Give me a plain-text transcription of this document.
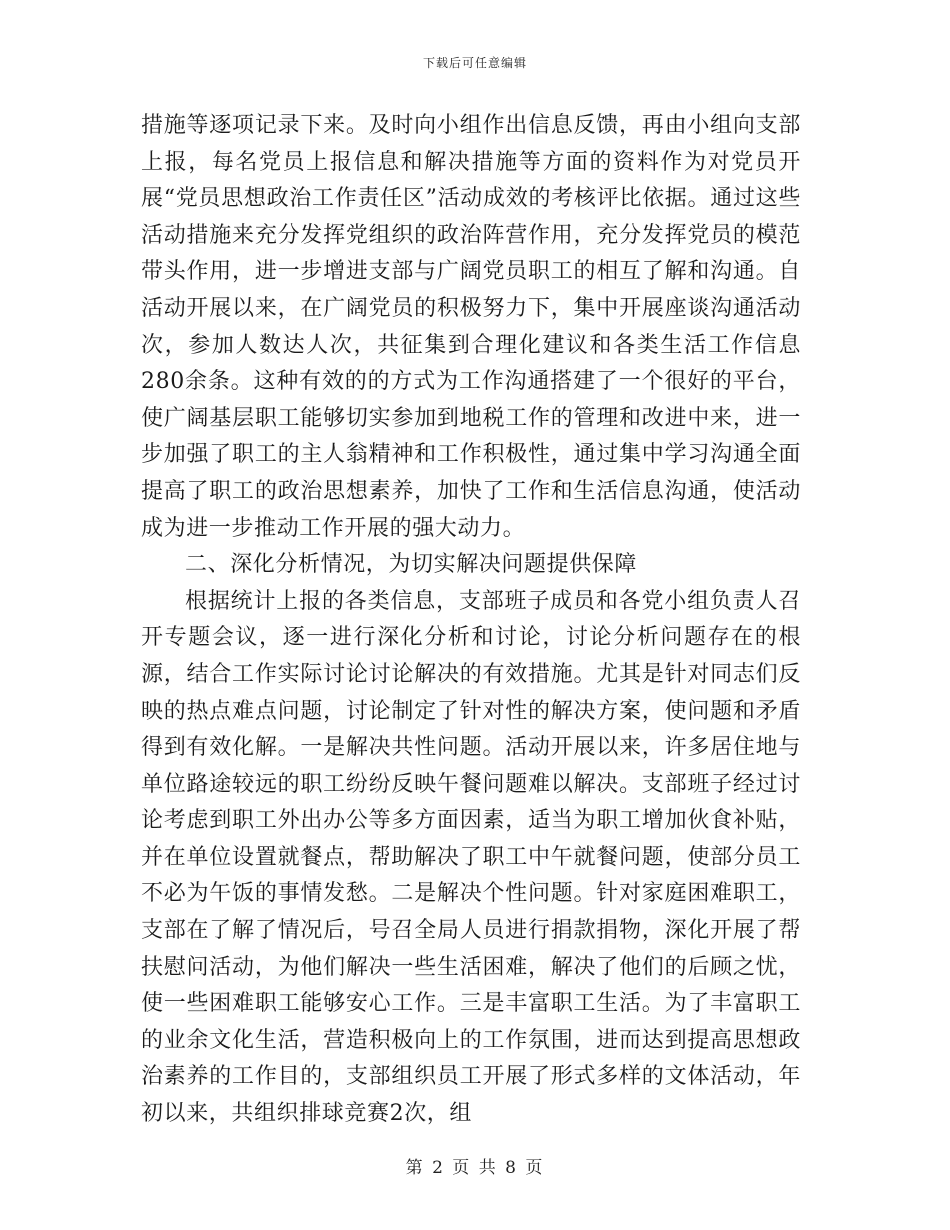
下载后可任意编辑

措施等逐项记录下来。及时向小组作出信息反馈，再由小组向支部上报，每名党员上报信息和解决措施等方面的资料作为对党员开展“党员思想政治工作责任区”活动成效的考核评比依据。通过这些活动措施来充分发挥党组织的政治阵营作用，充分发挥党员的模范带头作用，进一步增进支部与广阔党员职工的相互了解和沟通。自活动开展以来，在广阔党员的积极努力下，集中开展座谈沟通活动次，参加人数达人次，共征集到合理化建议和各类生活工作信息280余条。这种有效的的方式为工作沟通搭建了一个很好的平台，使广阔基层职工能够切实参加到地税工作的管理和改进中来，进一步加强了职工的主人翁精神和工作积极性，通过集中学习沟通全面提高了职工的政治思想素养，加快了工作和生活信息沟通，使活动成为进一步推动工作开展的强大动力。

二、深化分析情况，为切实解决问题提供保障

根据统计上报的各类信息，支部班子成员和各党小组负责人召开专题会议，逐一进行深化分析和讨论，讨论分析问题存在的根源，结合工作实际讨论讨论解决的有效措施。尤其是针对同志们反映的热点难点问题，讨论制定了针对性的解决方案，使问题和矛盾得到有效化解。一是解决共性问题。活动开展以来，许多居住地与单位路途较远的职工纷纷反映午餐问题难以解决。支部班子经过讨论考虑到职工外出办公等多方面因素，适当为职工增加伙食补贴，并在单位设置就餐点，帮助解决了职工中午就餐问题，使部分员工不必为午饭的事情发愁。二是解决个性问题。针对家庭困难职工，支部在了解了情况后，号召全局人员进行捐款捐物，深化开展了帮扶慰问活动，为他们解决一些生活困难，解决了他们的后顾之忧，使一些困难职工能够安心工作。三是丰富职工生活。为了丰富职工的业余文化生活，营造积极向上的工作氛围，进而达到提高思想政治素养的工作目的，支部组织员工开展了形式多样的文体活动，年初以来，共组织排球竞赛2次，组

第 2 页 共 8 页
